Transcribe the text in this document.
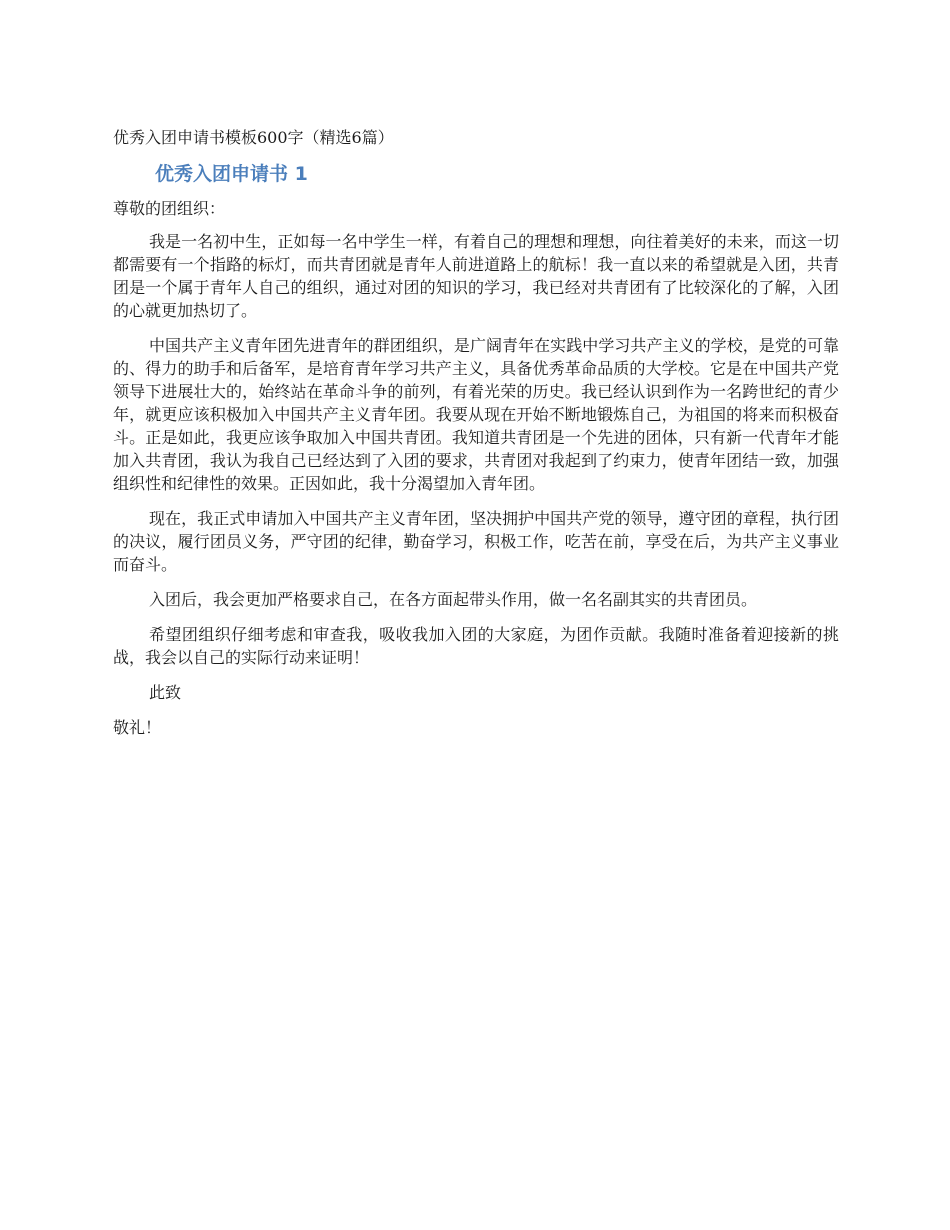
优秀入团申请书模板600字（精选6篇）

优秀入团申请书 1

尊敬的团组织：

我是一名初中生，正如每一名中学生一样，有着自己的理想和理想，向往着美好的未来，而这一切都需要有一个指路的标灯，而共青团就是青年人前进道路上的航标！我一直以来的希望就是入团，共青团是一个属于青年人自己的组织，通过对团的知识的学习，我已经对共青团有了比较深化的了解，入团的心就更加热切了。

中国共产主义青年团先进青年的群团组织，是广阔青年在实践中学习共产主义的学校，是党的可靠的、得力的助手和后备军，是培育青年学习共产主义，具备优秀革命品质的大学校。它是在中国共产党领导下进展壮大的，始终站在革命斗争的前列，有着光荣的历史。我已经认识到作为一名跨世纪的青少年，就更应该积极加入中国共产主义青年团。我要从现在开始不断地锻炼自己，为祖国的将来而积极奋斗。正是如此，我更应该争取加入中国共青团。我知道共青团是一个先进的团体，只有新一代青年才能加入共青团，我认为我自己已经达到了入团的要求，共青团对我起到了约束力，使青年团结一致，加强组织性和纪律性的效果。正因如此，我十分渴望加入青年团。

现在，我正式申请加入中国共产主义青年团，坚决拥护中国共产党的领导，遵守团的章程，执行团的决议，履行团员义务，严守团的纪律，勤奋学习，积极工作，吃苦在前，享受在后，为共产主义事业而奋斗。

入团后，我会更加严格要求自己，在各方面起带头作用，做一名名副其实的共青团员。

希望团组织仔细考虑和审查我，吸收我加入团的大家庭，为团作贡献。我随时准备着迎接新的挑战，我会以自己的实际行动来证明！

此致

敬礼！
